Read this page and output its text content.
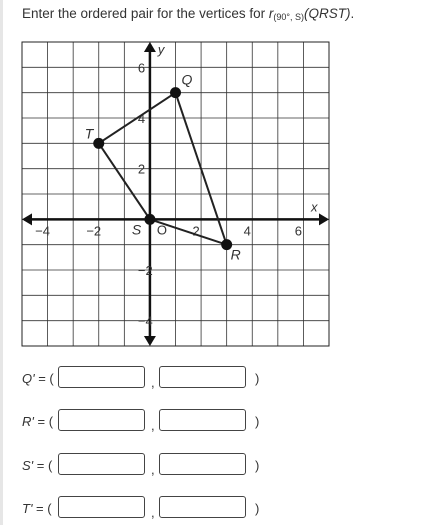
Enter the ordered pair for the vertices for $r_{(90^\circ, S)}(QRST)$.
x
y
O
−4	−2	2	4	6
−4
−2
2
4
6
Q
R
S
T
Q' = (	,	)
R' = (	,	)
S' = (	,	)
T' = (	,	)
